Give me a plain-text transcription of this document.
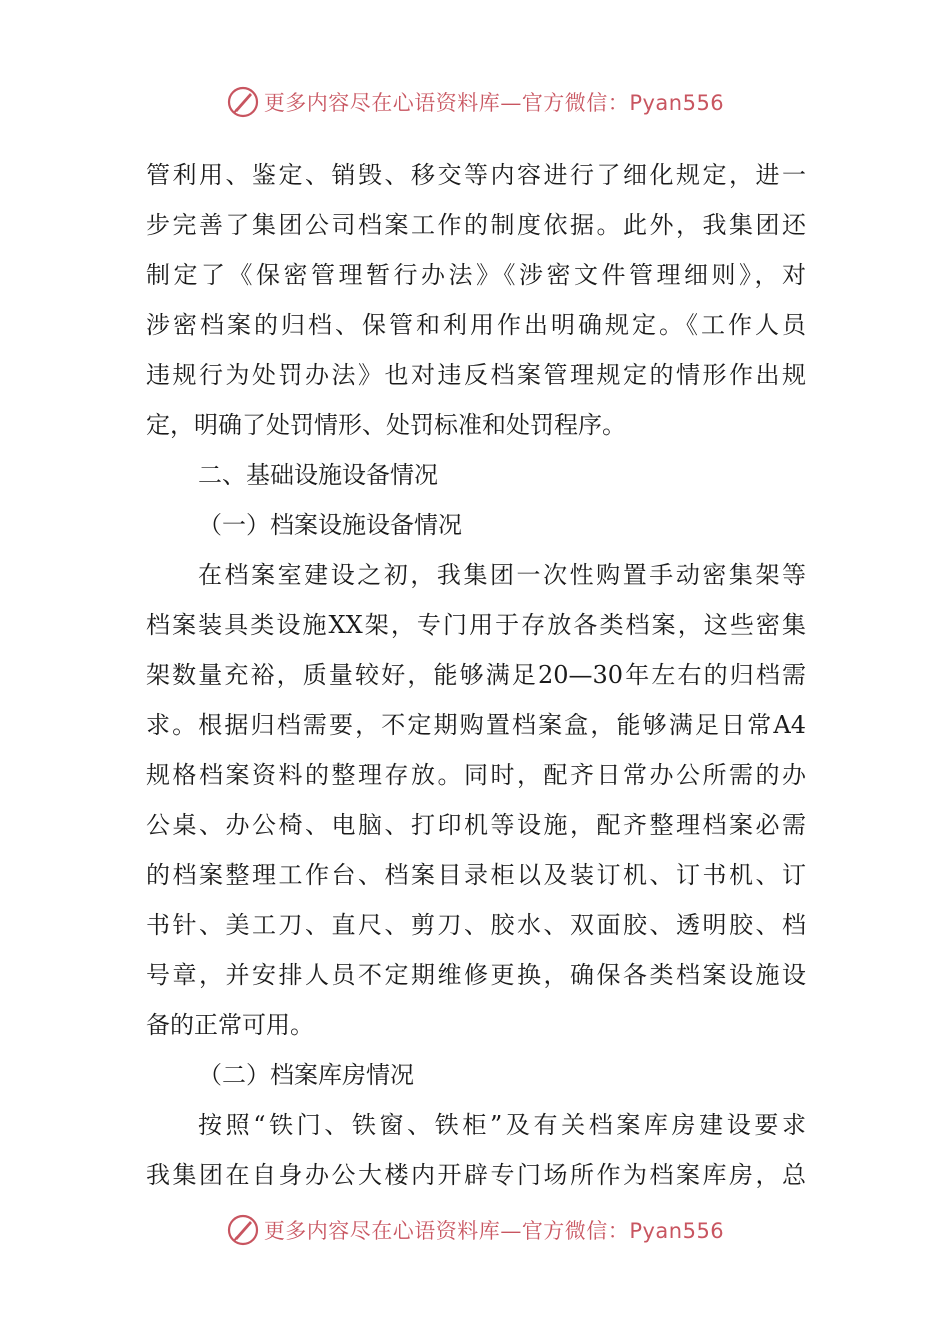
更多内容尽在心语资料库—官方微信：Pyan556
管利用、鉴定、销毁、移交等内容进行了细化规定，进一
步完善了集团公司档案工作的制度依据。此外，我集团还
制定了《保密管理暂行办法》《涉密文件管理细则》，对
涉密档案的归档、保管和利用作出明确规定。《工作人员
违规行为处罚办法》也对违反档案管理规定的情形作出规
定，明确了处罚情形、处罚标准和处罚程序。
二、基础设施设备情况
（一）档案设施设备情况
在档案室建设之初，我集团一次性购置手动密集架等
档案装具类设施XX架，专门用于存放各类档案，这些密集
架数量充裕，质量较好，能够满足20—30年左右的归档需
求。根据归档需要，不定期购置档案盒，能够满足日常A4
规格档案资料的整理存放。同时，配齐日常办公所需的办
公桌、办公椅、电脑、打印机等设施，配齐整理档案必需
的档案整理工作台、档案目录柜以及装订机、订书机、订
书针、美工刀、直尺、剪刀、胶水、双面胶、透明胶、档
号章，并安排人员不定期维修更换，确保各类档案设施设
备的正常可用。
（二）档案库房情况
按照“铁门、铁窗、铁柜”及有关档案库房建设要求
我集团在自身办公大楼内开辟专门场所作为档案库房，总
更多内容尽在心语资料库—官方微信：Pyan556
